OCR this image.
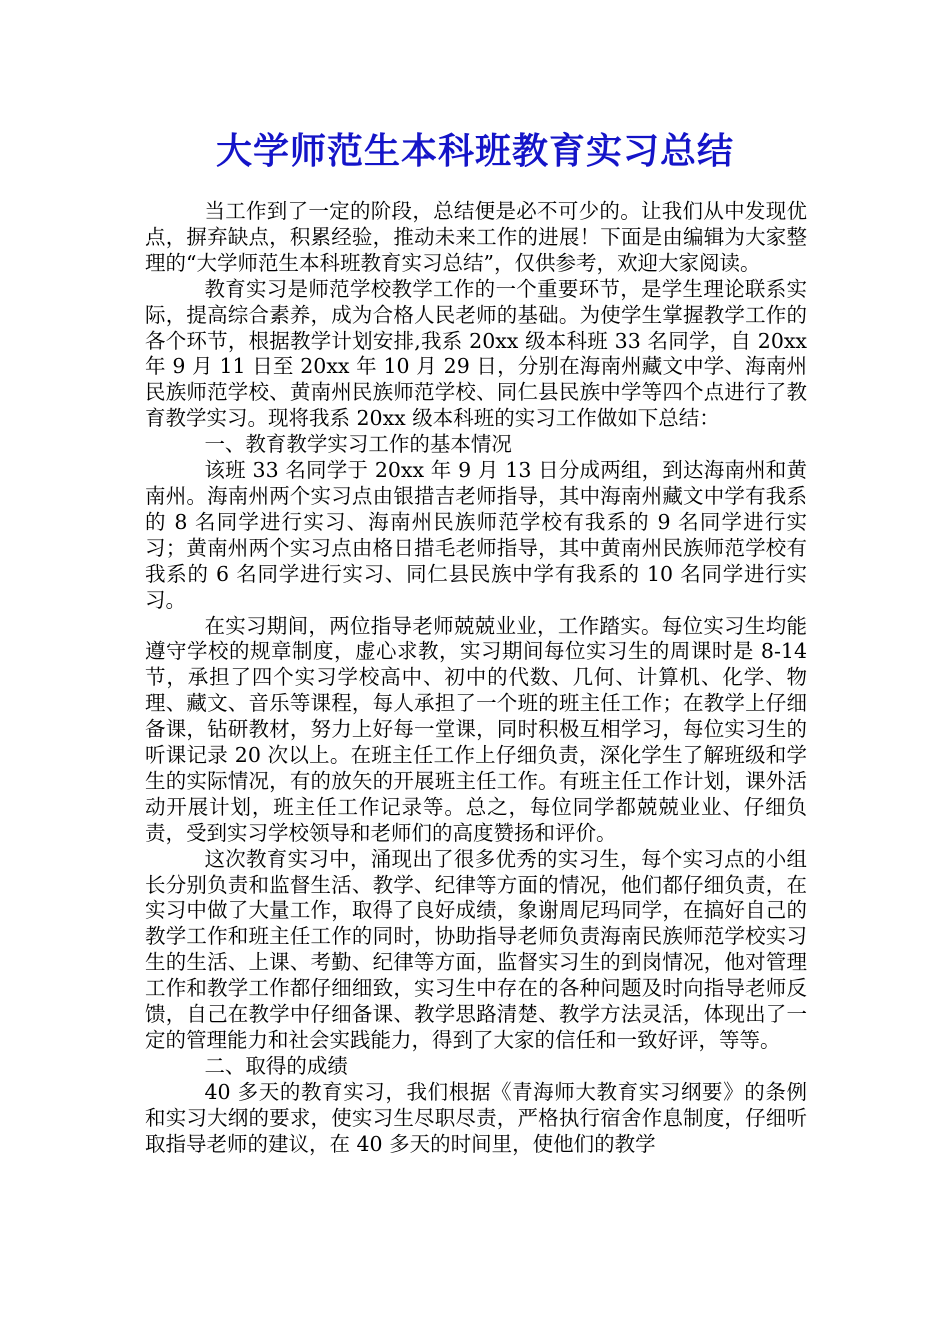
大学师范生本科班教育实习总结

当工作到了一定的阶段，总结便是必不可少的。让我们从中发现优点，摒弃缺点，积累经验，推动未来工作的进展！下面是由编辑为大家整理的“大学师范生本科班教育实习总结”，仅供参考，欢迎大家阅读。

教育实习是师范学校教学工作的一个重要环节，是学生理论联系实际，提高综合素养，成为合格人民老师的基础。为使学生掌握教学工作的各个环节，根据教学计划安排,我系 20xx 级本科班 33 名同学，自 20xx 年 9 月 11 日至 20xx 年 10 月 29 日，分别在海南州藏文中学、海南州民族师范学校、黄南州民族师范学校、同仁县民族中学等四个点进行了教育教学实习。现将我系 20xx 级本科班的实习工作做如下总结：

一、教育教学实习工作的基本情况

该班 33 名同学于 20xx 年 9 月 13 日分成两组，到达海南州和黄南州。海南州两个实习点由银措吉老师指导，其中海南州藏文中学有我系的 8 名同学进行实习、海南州民族师范学校有我系的 9 名同学进行实习；黄南州两个实习点由格日措毛老师指导，其中黄南州民族师范学校有我系的 6 名同学进行实习、同仁县民族中学有我系的 10 名同学进行实习。

在实习期间，两位指导老师兢兢业业，工作踏实。每位实习生均能遵守学校的规章制度，虚心求教，实习期间每位实习生的周课时是 8-14 节，承担了四个实习学校高中、初中的代数、几何、计算机、化学、物理、藏文、音乐等课程，每人承担了一个班的班主任工作；在教学上仔细备课，钻研教材，努力上好每一堂课，同时积极互相学习，每位实习生的听课记录 20 次以上。在班主任工作上仔细负责，深化学生了解班级和学生的实际情况，有的放矢的开展班主任工作。有班主任工作计划，课外活动开展计划，班主任工作记录等。总之，每位同学都兢兢业业、仔细负责，受到实习学校领导和老师们的高度赞扬和评价。

这次教育实习中，涌现出了很多优秀的实习生，每个实习点的小组长分别负责和监督生活、教学、纪律等方面的情况，他们都仔细负责，在实习中做了大量工作，取得了良好成绩，象谢周尼玛同学，在搞好自己的教学工作和班主任工作的同时，协助指导老师负责海南民族师范学校实习生的生活、上课、考勤、纪律等方面，监督实习生的到岗情况，他对管理工作和教学工作都仔细细致，实习生中存在的各种问题及时向指导老师反馈，自己在教学中仔细备课、教学思路清楚、教学方法灵活，体现出了一定的管理能力和社会实践能力，得到了大家的信任和一致好评，等等。

二、取得的成绩

40 多天的教育实习，我们根据《青海师大教育实习纲要》的条例和实习大纲的要求，使实习生尽职尽责，严格执行宿舍作息制度，仔细听取指导老师的建议，在 40 多天的时间里，使他们的教学
